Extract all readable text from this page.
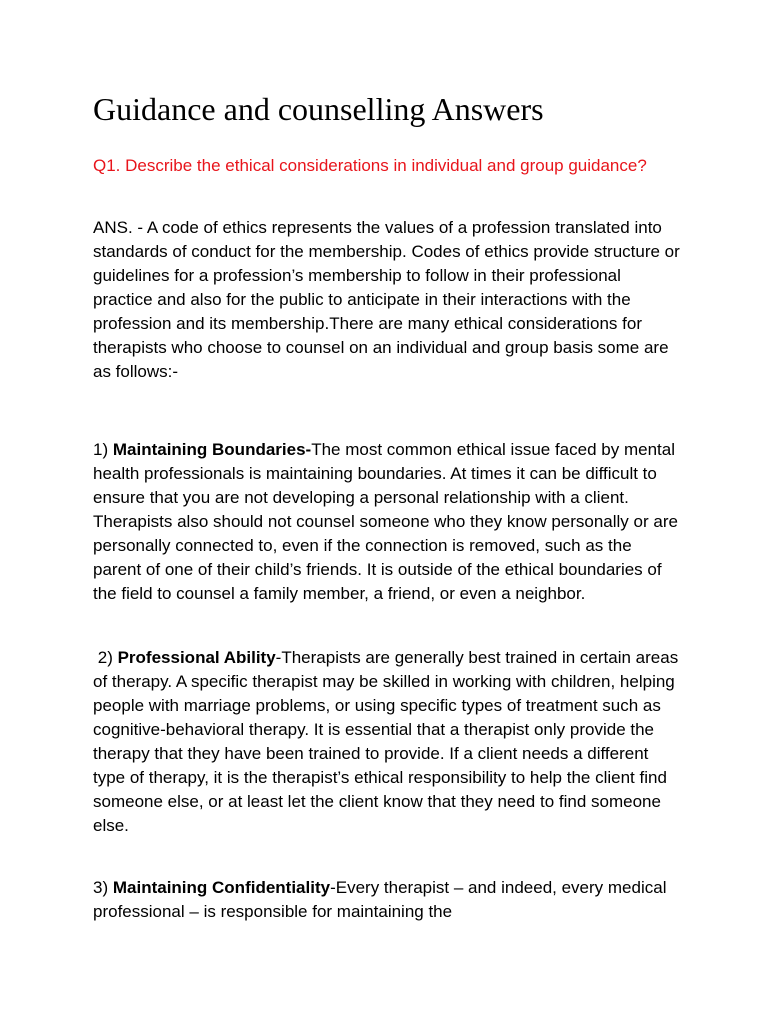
Guidance and counselling Answers

Q1. Describe the ethical considerations in individual and group guidance?

ANS. - A code of ethics represents the values of a profession translated into standards of conduct for the membership. Codes of ethics provide structure or guidelines for a profession’s membership to follow in their professional practice and also for the public to anticipate in their interactions with the profession and its membership.There are many ethical considerations for therapists who choose to counsel on an individual and group basis some are as follows:-

1) Maintaining Boundaries-The most common ethical issue faced by mental health professionals is maintaining boundaries. At times it can be difficult to ensure that you are not developing a personal relationship with a client. Therapists also should not counsel someone who they know personally or are personally connected to, even if the connection is removed, such as the parent of one of their child’s friends. It is outside of the ethical boundaries of the field to counsel a family member, a friend, or even a neighbor.

2) Professional Ability-Therapists are generally best trained in certain areas of therapy. A specific therapist may be skilled in working with children, helping people with marriage problems, or using specific types of treatment such as cognitive-behavioral therapy. It is essential that a therapist only provide the therapy that they have been trained to provide. If a client needs a different type of therapy, it is the therapist’s ethical responsibility to help the client find someone else, or at least let the client know that they need to find someone else.

3) Maintaining Confidentiality-Every therapist – and indeed, every medical professional – is responsible for maintaining the
